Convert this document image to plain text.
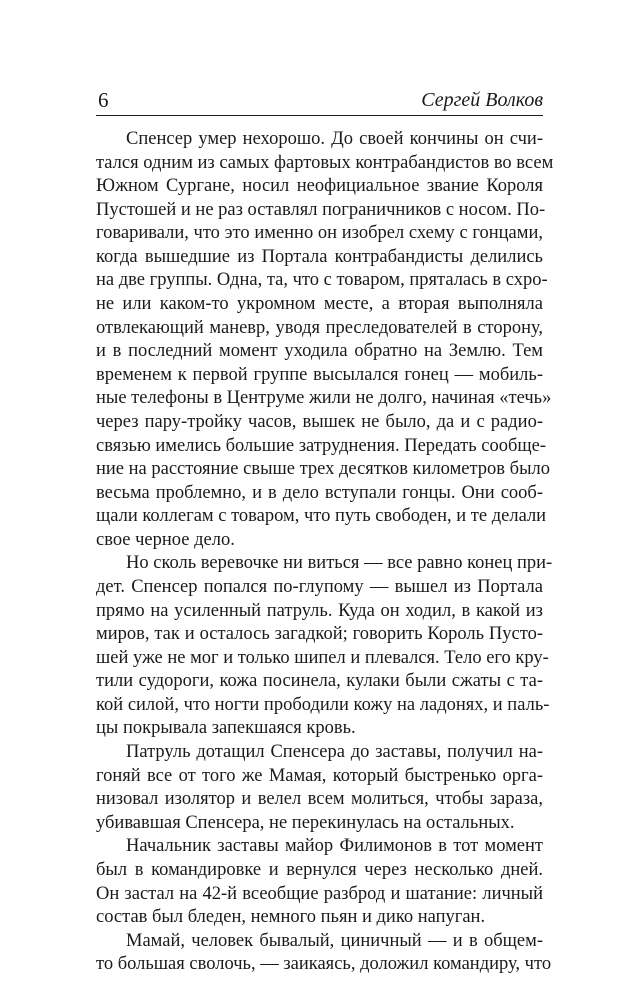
6	Сергей Волков
Спенсер умер нехорошо. До своей кончины он счи-
тался одним из самых фартовых контрабандистов во всем
Южном Сургане, носил неофициальное звание Короля
Пустошей и не раз оставлял пограничников с носом. По-
говаривали, что это именно он изобрел схему с гонцами,
когда вышедшие из Портала контрабандисты делились
на две группы. Одна, та, что с товаром, пряталась в схро-
не или каком-то укромном месте, а вторая выполняла
отвлекающий маневр, уводя преследователей в сторону,
и в последний момент уходила обратно на Землю. Тем
временем к первой группе высылался гонец — мобиль-
ные телефоны в Центруме жили не долго, начиная «течь»
через пару-тройку часов, вышек не было, да и с радио-
связью имелись большие затруднения. Передать сообще-
ние на расстояние свыше трех десятков километров было
весьма проблемно, и в дело вступали гонцы. Они сооб-
щали коллегам с товаром, что путь свободен, и те делали
свое черное дело.
Но сколь веревочке ни виться — все равно конец при-
дет. Спенсер попался по-глупому — вышел из Портала
прямо на усиленный патруль. Куда он ходил, в какой из
миров, так и осталось загадкой; говорить Король Пусто-
шей уже не мог и только шипел и плевался. Тело его кру-
тили судороги, кожа посинела, кулаки были сжаты с та-
кой силой, что ногти прободили кожу на ладонях, и паль-
цы покрывала запекшаяся кровь.
Патруль дотащил Спенсера до заставы, получил на-
гоняй все от того же Мамая, который быстренько орга-
низовал изолятор и велел всем молиться, чтобы зараза,
убивавшая Спенсера, не перекинулась на остальных.
Начальник заставы майор Филимонов в тот момент
был в командировке и вернулся через несколько дней.
Он застал на 42-й всеобщие разброд и шатание: личный
состав был бледен, немного пьян и дико напуган.
Мамай, человек бывалый, циничный — и в общем-
то большая сволочь, — заикаясь, доложил командиру, что
